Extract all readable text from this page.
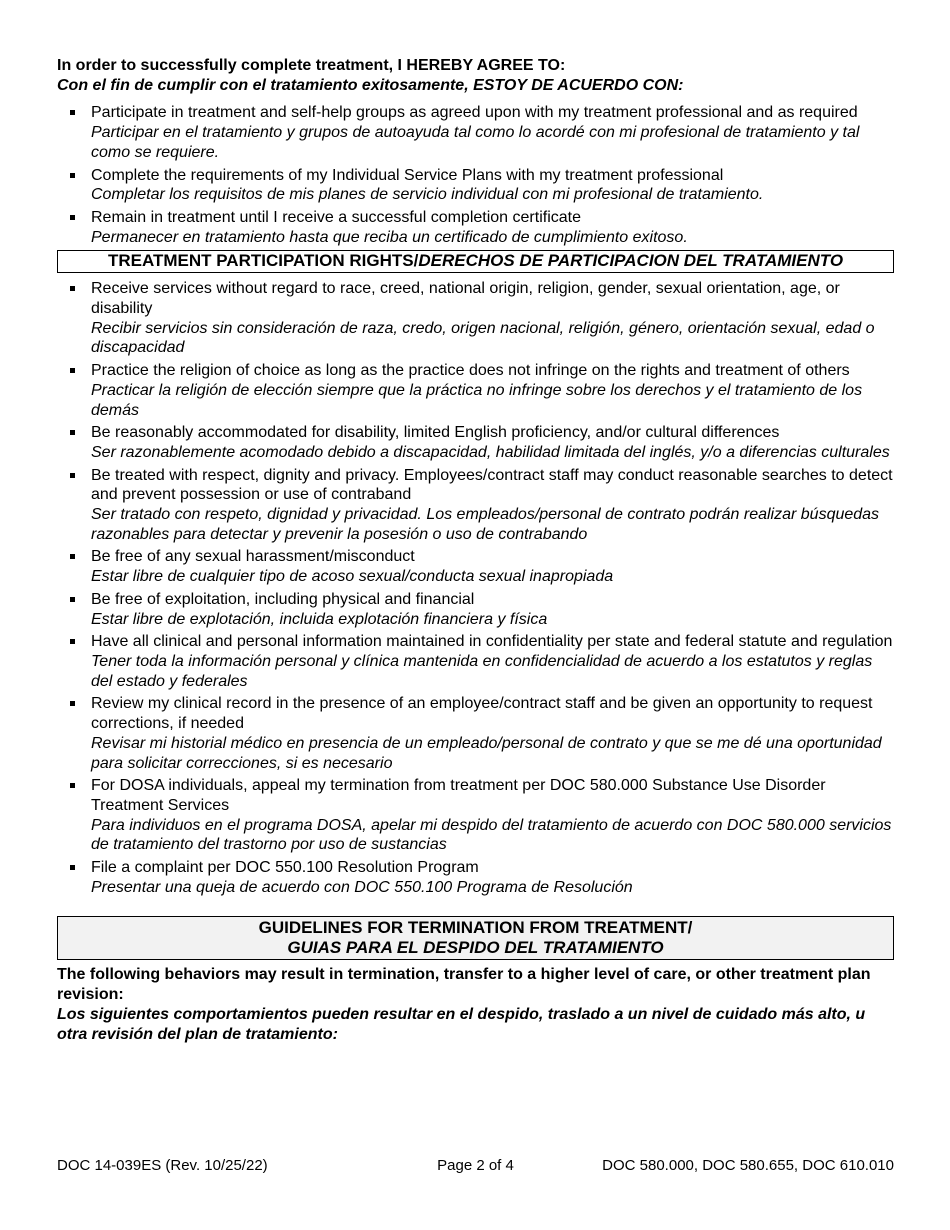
In order to successfully complete treatment, I HEREBY AGREE TO:
Con el fin de cumplir con el tratamiento exitosamente, ESTOY DE ACUERDO CON:
Participate in treatment and self-help groups as agreed upon with my treatment professional and as required
Participar en el tratamiento y grupos de autoayuda tal como lo acordé con mi profesional de tratamiento y tal como se requiere.
Complete the requirements of my Individual Service Plans with my treatment professional
Completar los requisitos de mis planes de servicio individual con mi profesional de tratamiento.
Remain in treatment until I receive a successful completion certificate
Permanecer en tratamiento hasta que reciba un certificado de cumplimiento exitoso.
TREATMENT PARTICIPATION RIGHTS/DERECHOS DE PARTICIPACION DEL TRATAMIENTO
Receive services without regard to race, creed, national origin, religion, gender, sexual orientation, age, or disability
Recibir servicios sin consideración de raza, credo, origen nacional, religión, género, orientación sexual, edad o discapacidad
Practice the religion of choice as long as the practice does not infringe on the rights and treatment of others
Practicar la religión de elección siempre que la práctica no infringe sobre los derechos y el tratamiento de los demás
Be reasonably accommodated for disability, limited English proficiency, and/or cultural differences
Ser razonablemente acomodado debido a discapacidad, habilidad limitada del inglés, y/o a diferencias culturales
Be treated with respect, dignity and privacy. Employees/contract staff may conduct reasonable searches to detect and prevent possession or use of contraband
Ser tratado con respeto, dignidad y privacidad. Los empleados/personal de contrato podrán realizar búsquedas razonables para detectar y prevenir la posesión o uso de contrabando
Be free of any sexual harassment/misconduct
Estar libre de cualquier tipo de acoso sexual/conducta sexual inapropiada
Be free of exploitation, including physical and financial
Estar libre de explotación, incluida explotación financiera y física
Have all clinical and personal information maintained in confidentiality per state and federal statute and regulation
Tener toda la información personal y clínica mantenida en confidencialidad de acuerdo a los estatutos y reglas del estado y federales
Review my clinical record in the presence of an employee/contract staff and be given an opportunity to request corrections, if needed
Revisar mi historial médico en presencia de un empleado/personal de contrato y que se me dé una oportunidad para solicitar correcciones, si es necesario
For DOSA individuals, appeal my termination from treatment per DOC 580.000 Substance Use Disorder Treatment Services
Para individuos en el programa DOSA, apelar mi despido del tratamiento de acuerdo con DOC 580.000 servicios de tratamiento del trastorno por uso de sustancias
File a complaint per DOC 550.100 Resolution Program
Presentar una queja de acuerdo con DOC 550.100 Programa de Resolución
GUIDELINES FOR TERMINATION FROM TREATMENT/
GUIAS PARA EL DESPIDO DEL TRATAMIENTO
The following behaviors may result in termination, transfer to a higher level of care, or other treatment plan revision:
Los siguientes comportamientos pueden resultar en el despido, traslado a un nivel de cuidado más alto, u otra revisión del plan de tratamiento:
DOC 14-039ES (Rev. 10/25/22)	Page 2 of 4	DOC 580.000, DOC 580.655, DOC 610.010
